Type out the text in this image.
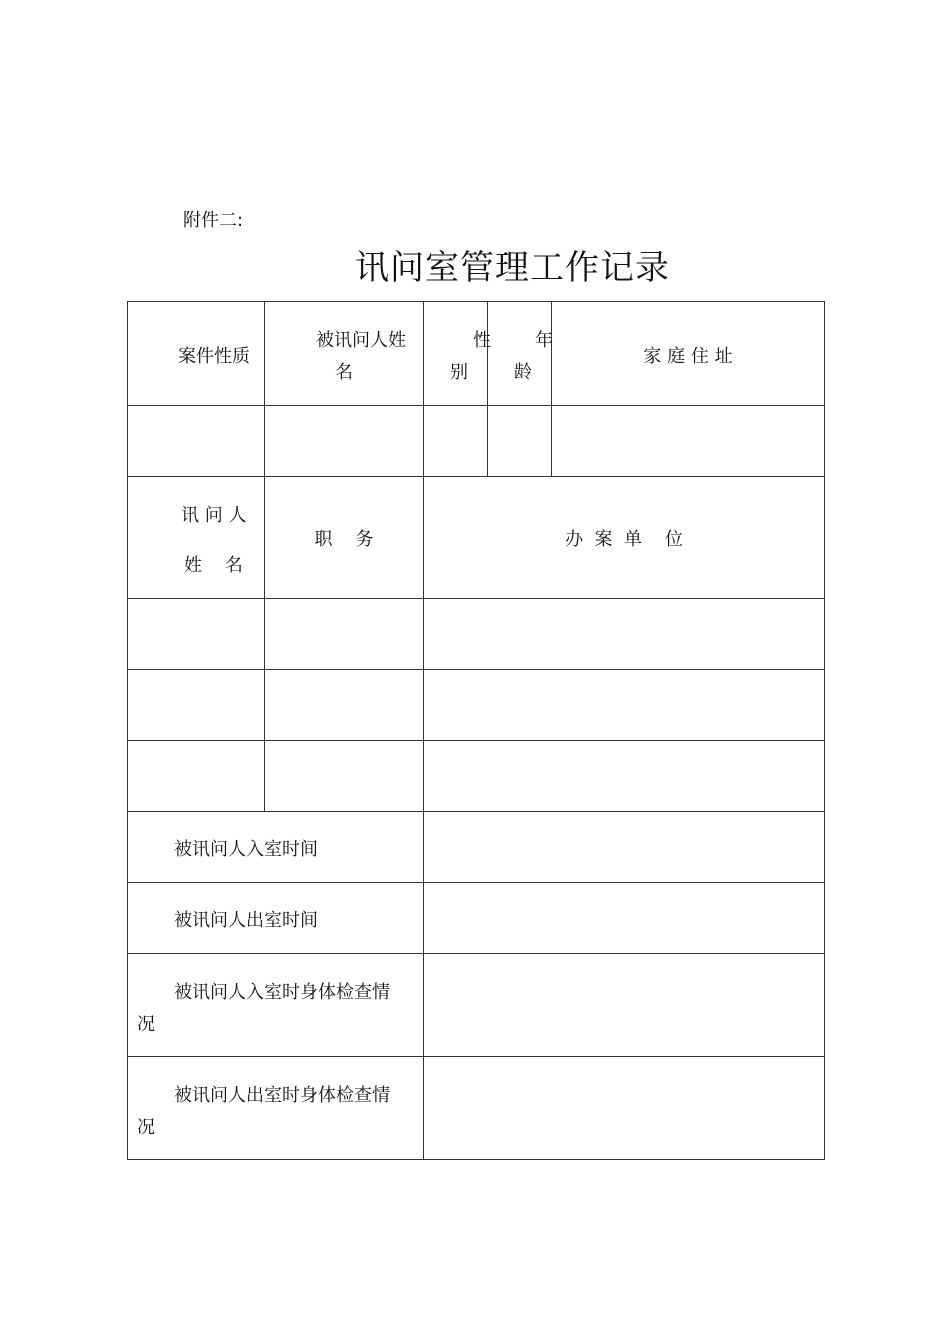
附件二:
讯问室管理工作记录
案件性质
被讯问人姓
名
性
别
年
龄
家 庭 住 址
讯 问 人
姓    名
职    务	办  案  单    位
被讯问人入室时间
被讯问人出室时间
被讯问人入室时身体检查情
况
被讯问人出室时身体检查情
况
